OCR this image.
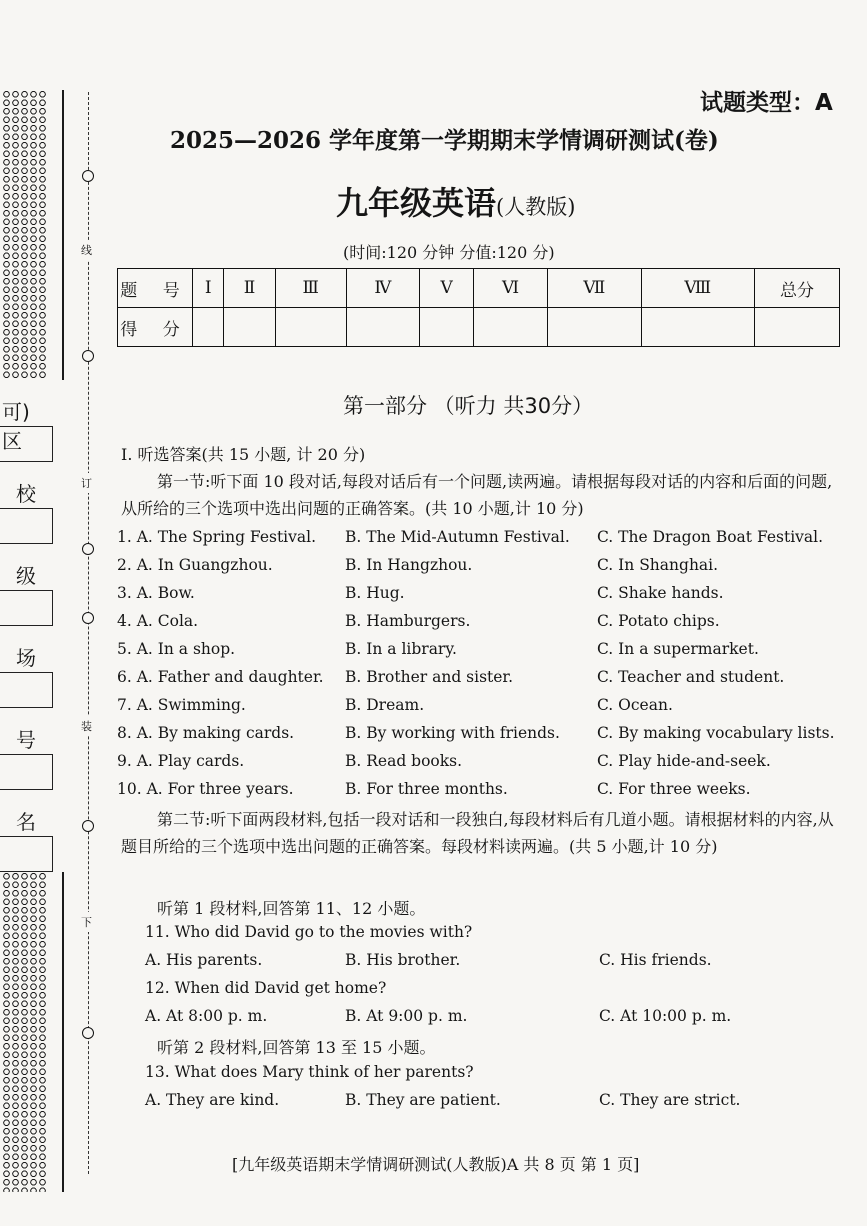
线
订
装
下
可) 区
校
级
场
号
名
试题类型：A
2025—2026 学年度第一学期期末学情调研测试(卷)
九年级英语(人教版)
(时间:120 分钟 分值:120 分)
题 号	Ⅰ	Ⅱ	Ⅲ	Ⅳ	Ⅴ	Ⅵ	Ⅶ	Ⅷ	总分
得 分									
第一部分 （听力 共30分）
Ⅰ. 听选答案(共 15 小题, 计 20 分)
第一节:听下面 10 段对话,每段对话后有一个问题,读两遍。请根据每段对话的内容和后面的问题,从所给的三个选项中选出问题的正确答案。(共 10 小题,计 10 分)
1. A. The Spring Festival. B. The Mid-Autumn Festival. C. The Dragon Boat Festival.
2. A. In Guangzhou.	B. In Hangzhou.	C. In Shanghai.
3. A. Bow.	B. Hug.	C. Shake hands.
4. A. Cola.	B. Hamburgers.	C. Potato chips.
5. A. In a shop.	B. In a library.	C. In a supermarket.
6. A. Father and daughter. B. Brother and sister.	C. Teacher and student.
7. A. Swimming.	B. Dream.	C. Ocean.
8. A. By making cards.	B. By working with friends. C. By making vocabulary lists.
9. A. Play cards.	B. Read books.	C. Play hide-and-seek.
10. A. For three years.	B. For three months.	C. For three weeks.
第二节:听下面两段材料,包括一段对话和一段独白,每段材料后有几道小题。请根据材料的内容,从题目所给的三个选项中选出问题的正确答案。每段材料读两遍。(共 5 小题,计 10 分)
听第 1 段材料,回答第 11、12 小题。
11. Who did David go to the movies with?
A. His parents.	B. His brother.	C. His friends.
12. When did David get home?
A. At 8:00 p. m.	B. At 9:00 p. m.	C. At 10:00 p. m.
听第 2 段材料,回答第 13 至 15 小题。
13. What does Mary think of her parents?
A. They are kind.	B. They are patient.	C. They are strict.
[九年级英语期末学情调研测试(人教版)A 共 8 页 第 1 页]
